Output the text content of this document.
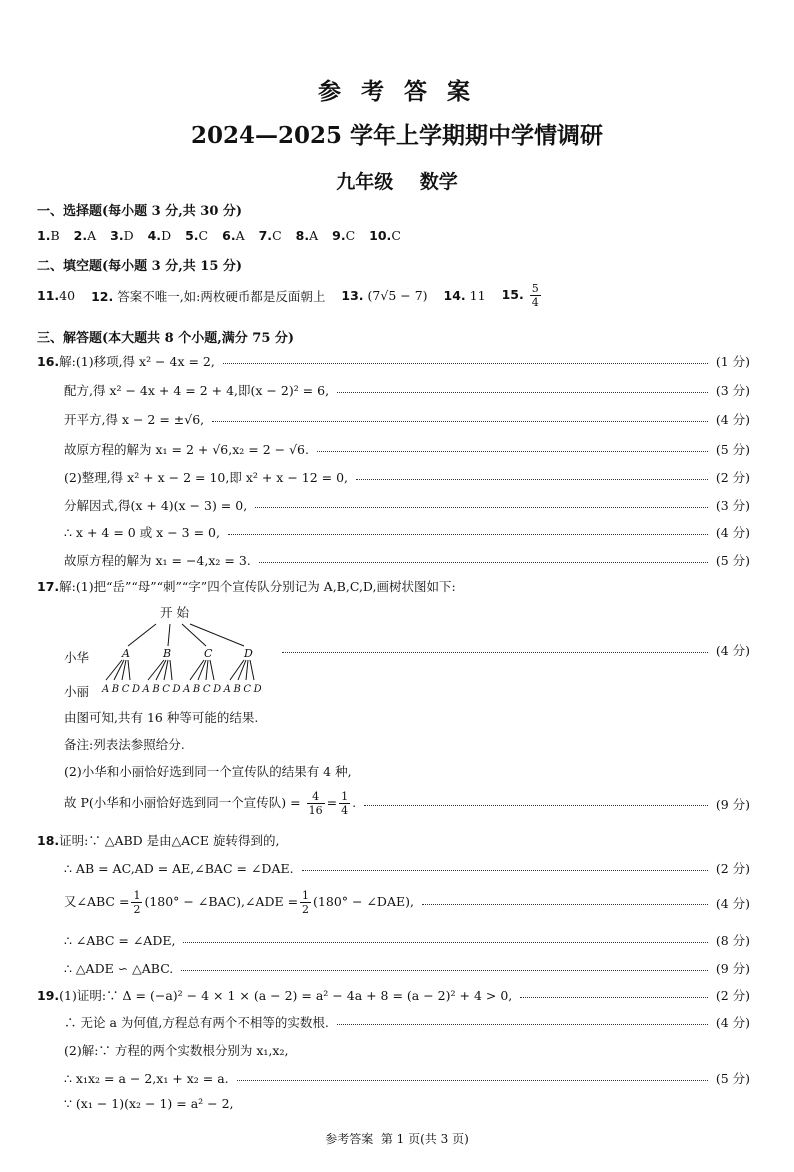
参 考 答 案
2024—2025 学年上学期期中学情调研
九年级    数学
一、选择题(每小题 3 分,共 30 分)
1.B 2.A 3.D 4.D 5.C 6.A 7.C 8.A 9.C 10.C
二、填空题(每小题 3 分,共 15 分)
11.40 12. 答案不唯一,如:两枚硬币都是反面朝上 13. (7√5 − 7) 14. 11 15. $\frac{5}{4}$
三、解答题(本大题共 8 个小题,满分 75 分)
16.解:(1)移项,得 x² − 4x = 2,	(1 分)
配方,得 x² − 4x + 4 = 2 + 4,即(x − 2)² = 6,	(3 分)
开平方,得 x − 2 = ±√6,	(4 分)
故原方程的解为 x₁ = 2 + √6,x₂ = 2 − √6.	(5 分)
(2)整理,得 x² + x − 2 = 10,即 x² + x − 12 = 0,	(2 分)
分解因式,得(x + 4)(x − 3) = 0,	(3 分)
∴ x + 4 = 0 或 x − 3 = 0,	(4 分)
故原方程的解为 x₁ = −4,x₂ = 3.	(5 分)
17.解:(1)把“岳”“母”“刺”“字”四个宣传队分别记为 A,B,C,D,画树状图如下:
开 始
小华	A	B	C	D
小丽 A B C D A B C D A B C D A B C D
(4 分)
由图可知,共有 16 种等可能的结果.
备注:列表法参照给分.
(2)小华和小丽恰好选到同一个宣传队的结果有 4 种,
故 P(小华和小丽恰好选到同一个宣传队) = $\frac{4}{16} = \frac{1}{4}$ .	(9 分)
18.证明:∵ △ABD 是由△ACE 旋转得到的,
∴ AB = AC,AD = AE,∠BAC = ∠DAE.	(2 分)
又∠ABC = $\frac{1}{2} (180^\circ$ − ∠BAC),∠ADE = $\frac{1}{2} (180^\circ$ − ∠DAE),	(4 分)
∴ ∠ABC = ∠ADE,	(8 分)
∴ △ADE ∽ △ABC.	(9 分)
19.(1)证明:∵ Δ = (−a)² − 4 × 1 × (a − 2) = a² − 4a + 8 = (a − 2)² + 4 > 0,	(2 分)
∴ 无论 a 为何值,方程总有两个不相等的实数根.	(4 分)
(2)解:∵ 方程的两个实数根分别为 x₁,x₂,
∴ x₁x₂ = a − 2,x₁ + x₂ = a.	(5 分)
∵ (x₁ − 1)(x₂ − 1) = a² − 2,
参考答案  第 1 页(共 3 页)
